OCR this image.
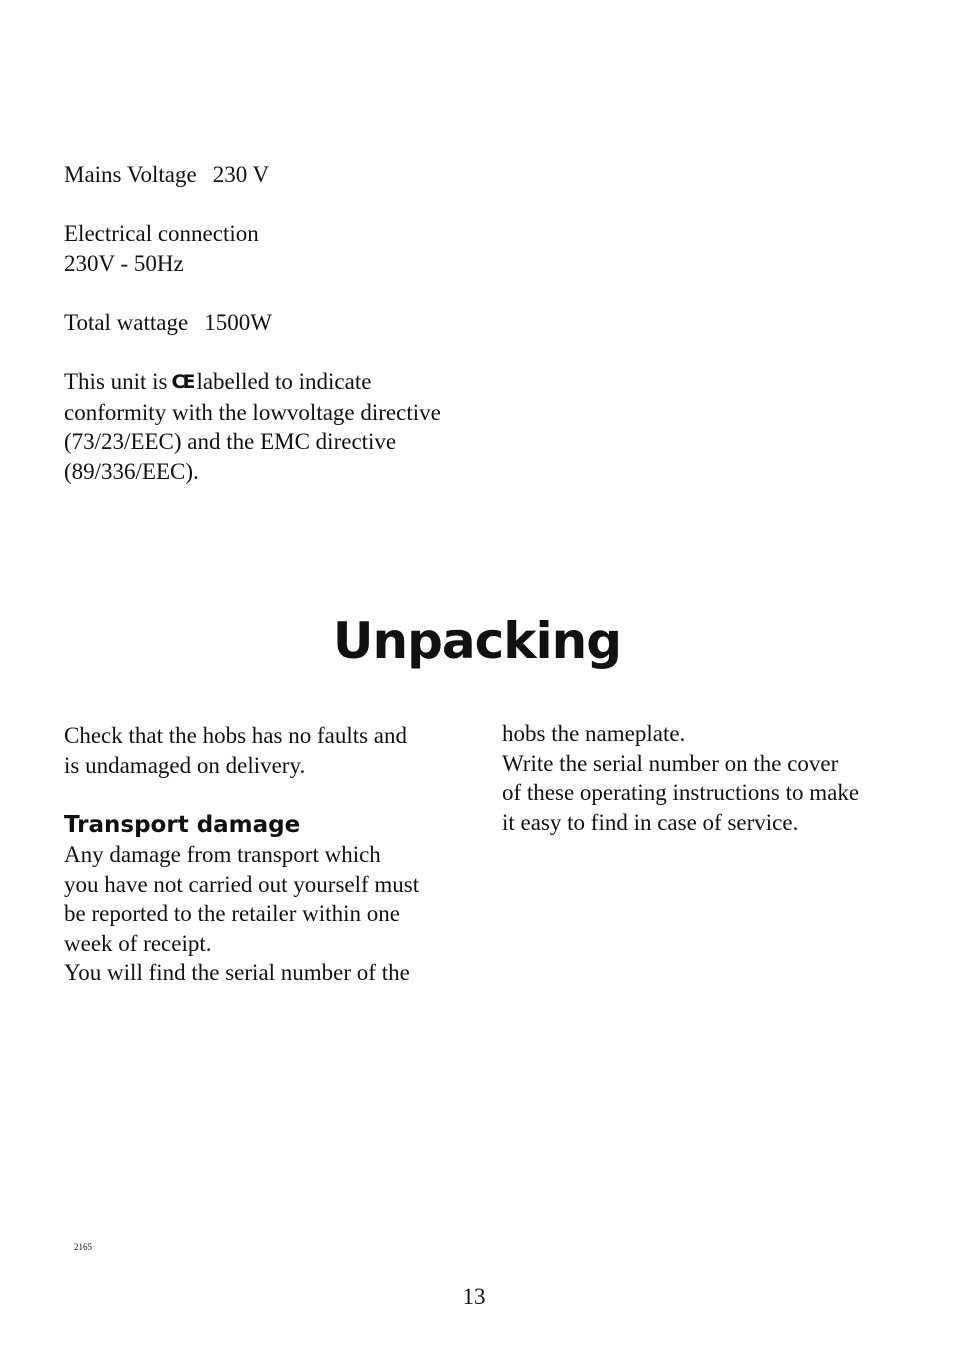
Mains Voltage 230 V
Electrical connection
230V - 50Hz
Total wattage 1500W
This unit is CE labelled to indicate
conformity with the lowvoltage directive
(73/23/EEC) and the EMC directive
(89/336/EEC).
Unpacking
Check that the hobs has no faults and
is undamaged on delivery.
Transport damage
Any damage from transport which
you have not carried out yourself must
be reported to the retailer within one
week of receipt.
You will find the serial number of the
hobs the nameplate.
Write the serial number on the cover
of these operating instructions to make
it easy to find in case of service.
2165
13
